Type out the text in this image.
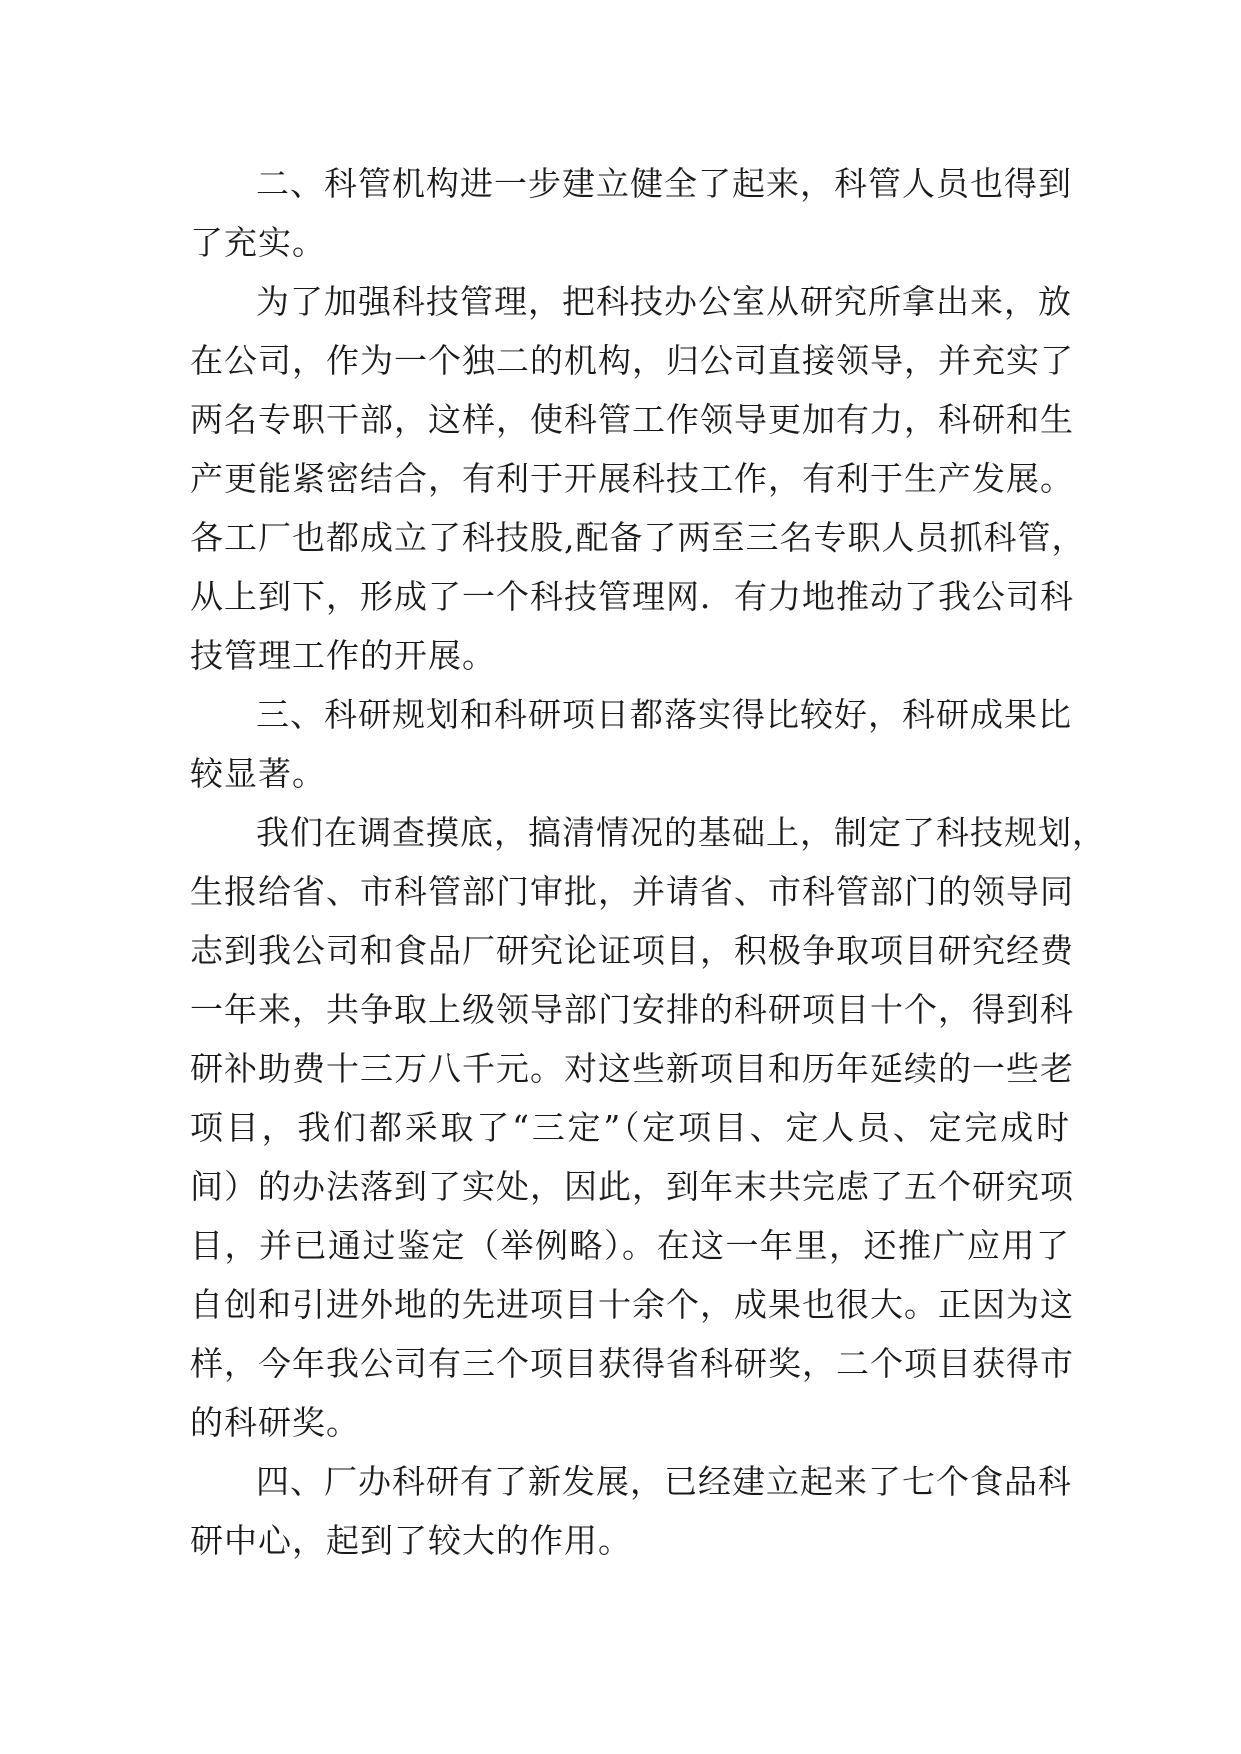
二、科管机构进一步建立健全了起来，科管人员也得到
了充实。
为了加强科技管理，把科技办公室从研究所拿出来，放
在公司，作为一个独二的机构，归公司直接领导，并充实了
两名专职干部，这样，使科管工作领导更加有力，科研和生
产更能紧密结合，有利于开展科技工作，有利于生产发展。
各工厂也都成立了科技股,配备了两至三名专职人员抓科管，
从上到下，形成了一个科技管理网．有力地推动了我公司科
技管理工作的开展。
三、科研规划和科研项日都落实得比较好，科研成果比
较显著。
我们在调查摸底，搞清情况的基础上，制定了科技规划，
生报给省、市科管部门审批，并请省、市科管部门的领导同
志到我公司和食品厂研究论证项目，积极争取项目研究经费
一年来，共争取上级领导部门安排的科研项目十个，得到科
研补助费十三万八千元。对这些新项目和历年延续的一些老
项目，我们都采取了“三定”（定项目、定人员、定完成时
间）的办法落到了实处，因此，到年末共完虑了五个研究项
目，并已通过鉴定（举例略）。在这一年里，还推广应用了
自创和引进外地的先进项目十余个，成果也很大。正因为这
样，今年我公司有三个项目获得省科研奖，二个项目获得市
的科研奖。
四、厂办科研有了新发展，已经建立起来了七个食品科
研中心，起到了较大的作用。
